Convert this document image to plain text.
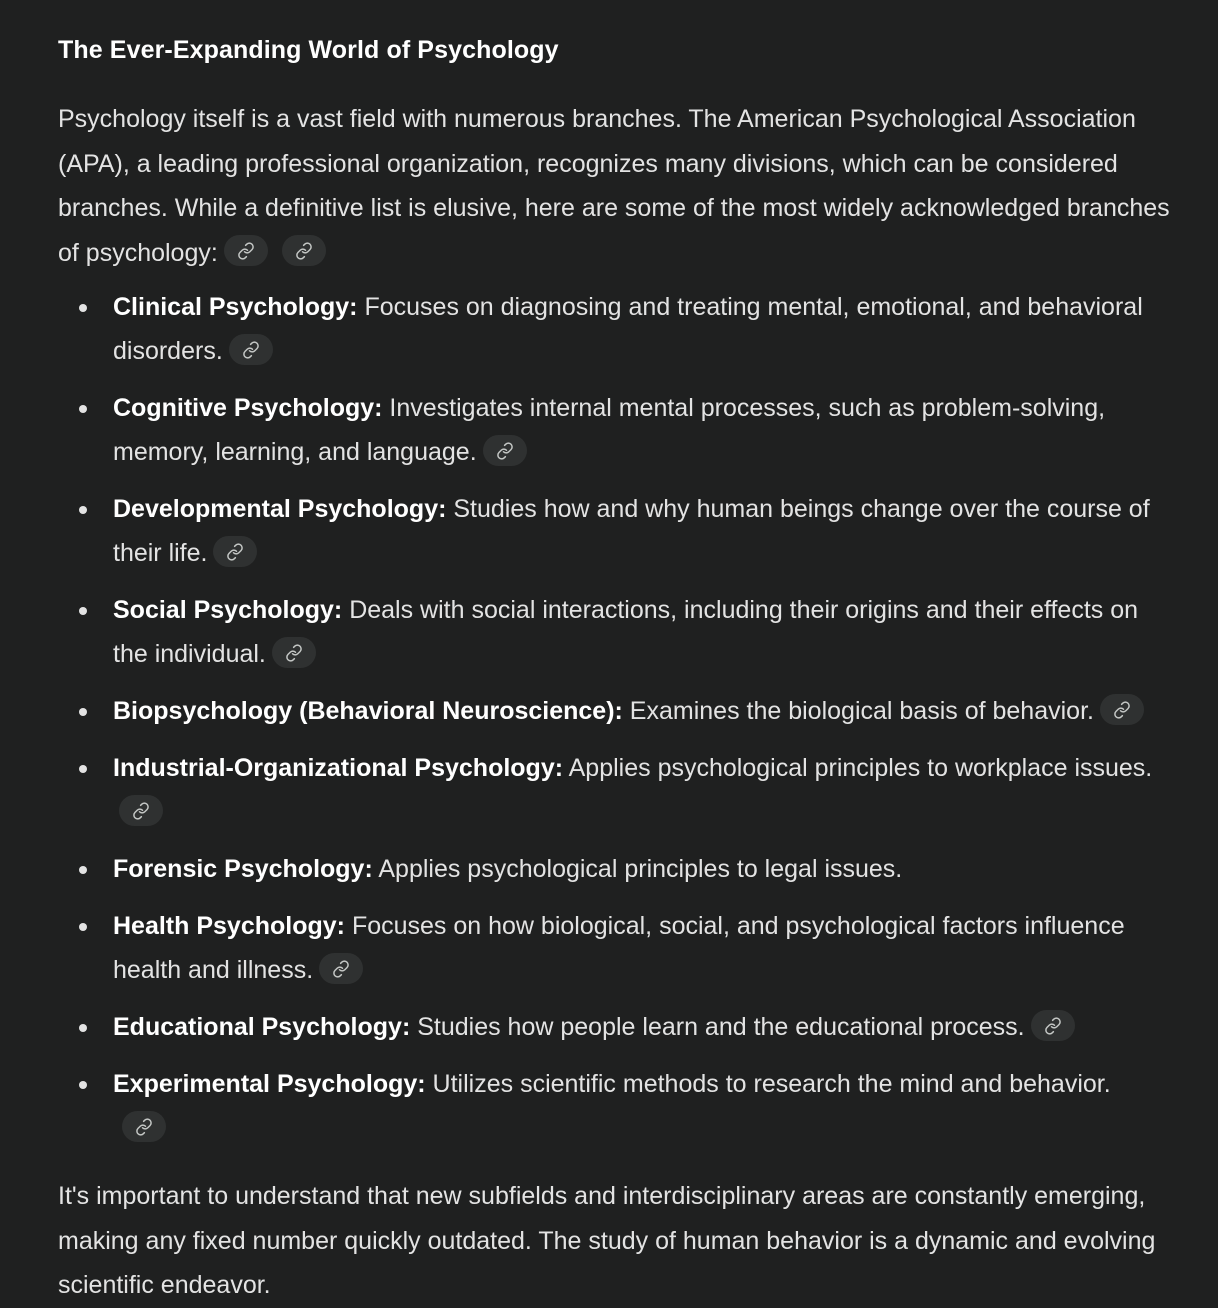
The Ever-Expanding World of Psychology

Psychology itself is a vast field with numerous branches. The American Psychological Association (APA), a leading professional organization, recognizes many divisions, which can be considered branches. While a definitive list is elusive, here are some of the most widely acknowledged branches of psychology:

Clinical Psychology: Focuses on diagnosing and treating mental, emotional, and behavioral disorders.
Cognitive Psychology: Investigates internal mental processes, such as problem-solving, memory, learning, and language.
Developmental Psychology: Studies how and why human beings change over the course of their life.
Social Psychology: Deals with social interactions, including their origins and their effects on the individual.
Biopsychology (Behavioral Neuroscience): Examines the biological basis of behavior.
Industrial-Organizational Psychology: Applies psychological principles to workplace issues.
Forensic Psychology: Applies psychological principles to legal issues.
Health Psychology: Focuses on how biological, social, and psychological factors influence health and illness.
Educational Psychology: Studies how people learn and the educational process.
Experimental Psychology: Utilizes scientific methods to research the mind and behavior.

It's important to understand that new subfields and interdisciplinary areas are constantly emerging, making any fixed number quickly outdated. The study of human behavior is a dynamic and evolving scientific endeavor.
